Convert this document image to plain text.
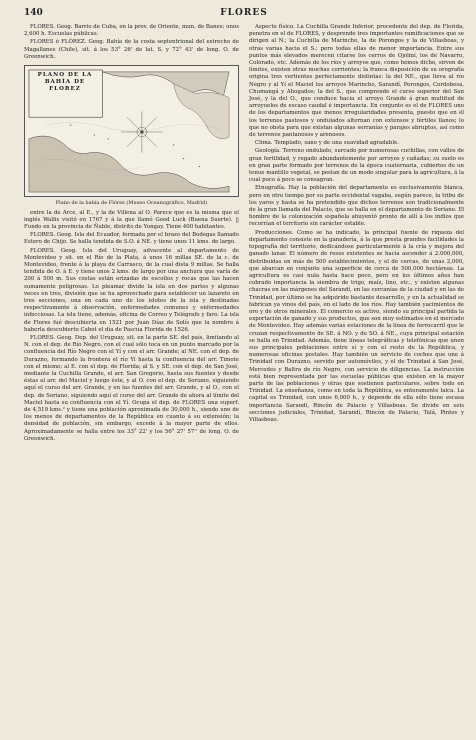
140	FLORES

FLORES. Geog. Barrio de Cuba, en la prov. de Oriente, mun. de Banes; unos 2,600 h. Escuelas públicas.

FLORES ó FLÓREZ. Geog. Bahía de la costa septentrional del estrecho de Magallanes (Chile), sit. á los 53° 26' de lat. S. y 72° 43' de long. O. de Greenwich.

PLANO DE LA BAHÍA DE FLOREZ
Plano de la bahía de Flórez (Museo Oceanográfico, Madrid)

entre la de Arce, al E., y la de Villena al O. Parece que es la misma que el inglés Wallis visitó en 1767 y á la que llamó Good Luck (Buena Suerte). || Fundo en la provincia de Ñuble, distrito de Yungay. Tiene 400 habitantes.

FLORES. Geog. Isla del Ecuador, formada por el brazo del Bodegas llamado Estero de Chijo. Se halla tendida de S.O. á NE. y tiene unos 11 kms. de largo.

FLORES. Geog. Isla del Uruguay, advacente al departamento de Montevideo y sit. en el Río de la Plata, á unos 16 millas SE. de la c. de Montevideo, frente á la playa de Carrasco, de la cual dista 9 millas. Se halla tendida de O. á E. y tiene unos 2 kms. de largo por una anchura que varía de 200 á 500 m. Sus costas están erizadas de escollos y rocas que las hacen sumamente peligrosas. Lo pleamar divide la isla en dos partes y algunas veces en tres, división que se ha aprovechado para establecer un lazareto en tres secciones, una en cada uno de los islotes de la isla y destinadas respectivamente á observación, enfermedades comunes y enfermedades infecciosas. La isla tiene, además, oficina de Correo y Telégrafo y faro. La isla de Flores fué descubierta en 1521 por Juan Díaz de Solís que la nombre á haberla descubierto Cabot el día de Pascua Florida de 1526.

FLORES. Geog. Dep. del Uruguay, sit. en la parte SE. del país, limitando al N. con el dep. de Río Negro, con el cual sólo toca en un punto marcado por la confluencia del Río Negro con el Yí y con el arr. Grande; al NE. con el dep. de Durazno, formando la frontera el río Yí hasta la confluencia del arr. Timote con el mismo; al E. con el dep. de Florida; al S. y SE. con el dep. de San José, mediante la Cuchilla Grande, el arr. San Gregorio, hasta sus fuentes y desde éstas al arr. del Maciel y luego éste, y al O. con el dep. de Soriano, siguiendo aquí el curso del arr. Grande, y en las fuentes del arr. Grande, y al O., con el dep. de Soriano, siguiendo aquí el curso del arr. Grande de ahora al límite del Maciel hasta su confluencia con el Yí. Ocupa el dep. de FLORES una superf. de 4,519 kms.² y tiene una población aproximada de 30,000 h., siendo uno de los menos de departamentos de la República en cuanto á su extensión; la densidad de población, sin embargo, excede á la mayor parte de ellos. Aproximadamente se halla entre los 33° 22' y los 56° 27' 57'' de long. O. de Greenwich.

Aspecto físico. La Cuchilla Grande Inferior, procedente del dep. de Florida, penetra en el de FLORES, y desprende tres importantes ramificaciones que se dirigen al N.; la Cuchilla de Marincho, la de Porongos y la de Villasboas, y otras varias hacia el S.; pero todas ellas de menor importancia. Entre sus puntos más elevados merecen citarse los cerros de Ojolmí, los de Navarro, Colorado, etc. Además de los ríos y arroyos que, como hemos dicho, sirven de límites, existen otras muchas corrientes; la franca disposición de su orografía origina tres vertientes perfectamente distintas: la del NE., que lleva al río Negro y al Yí el Maciel los arroyos Marincho, Sarandí, Porongos, Cordobesa, Chumangá y Ahogados; la del S., que comprende el curso superior del San José, y la del O., que conduce hacia el arroyo Grande á gran multitud de arroyuelos de escaso caudal é importancia. En conjunto es el de FLORES uno de los departamentos que menos irregularidades presenta, puesto que en él los terrenos pastosos y ondulados alternan con extensos y fértiles llanos; lo que no obsta para que existan algunas serranías y parajes abruptos, así como de terrenos pantanosos y arenosos.

Clima. Templado, sano y de una suavidad agradable.

Geología. Terreno ondulado, surcado por numerosas cuchillas, con valles de gran fertilidad, y regado abundantemente por arroyos y cañadas; su suelo es en gran parte formado por terrenos de la época cuaternaria, cubiertos de un tenue mantillo vegetal, se pestan de un modo singular para la agricultura, á la cual poco á poco se consagran.

Etnografía. Hay la población del departamento es exclusivamente blanca, pero en otro tiempo por su parte occidental vagaba, según parece, la tribu de los yaros y hasta se ha pretendido que dichos terrenos son tradicionalmente de la gran llamada del Palacio, que se halla en el departamento de Soriano. El hombre de la colonización española ahuyentó pronto de allí á los indios que recorrían el territorio sin carácter estable.

Producciones. Como se ha indicado, la principal fuente de riqueza del departamento consiste en la ganadería, á la que presta grandes facilidades la topografía del territorio, dedicándose particularmente á la cría y mejora del ganado lanar. El número de reses existentes se hacía ascender á 2.000,000, distribuidas en más de 500 establecimientos, y el de cercas, de unas 2,000, que abarcan en conjunto una superficie de cerca de 500,000 hectáreas. La agricultura es casi nula hasta hace poco, pero en los últimos años han cobrado importancia la siembra de trigo, maíz, lino, etc., y existen algunas chacras en las márgenes del Sarandí, en las cercanías de la ciudad y en las de Trinidad, por último se ha adquirido bastante desarrollo, y en la actualidad se fabrican ya vinos del país, en el lado de los ríos. Hay también yacimientos de oro y de otros minerales. El comercio es activo, siendo su principal partida la exportación de ganado y sus productos, que son muy estimados en el mercado de Montevideo. Hay además varias estaciones de la línea de ferrocarril que le cruzan respectivamente de SE. á NO. y de SO. á NE., cuya principal estación se halla en Trinidad. Además, tiene líneas telegráficas y telefónicas que unen sus principales poblaciones entre sí y con el resto de la República, y numerosas oficinas postales. Hay también un servicio de coches que une á Trinidad con Durazno, servido por automóviles, y el de Trinidad á San José, Mercedes y Baltra de río Negro, con servicio de diligencias. La instrucción está bien representada por las escuelas públicas que existen en la mayor parte de las poblaciones y otras que sostienen particulares, sobre todo en Trinidad. La enseñanza, como en toda la República, es enteramente laica. La capital es Trinidad, con unos 6,000 h., y depende de ella sólo tiene escasa importancia Sarandí, Rincón de Palacio y Villasboas. Se divide en seis secciones judiciales, Trinidad, Sarandí, Rincón de Palacio, Talá, Pintos y Villasboas.
